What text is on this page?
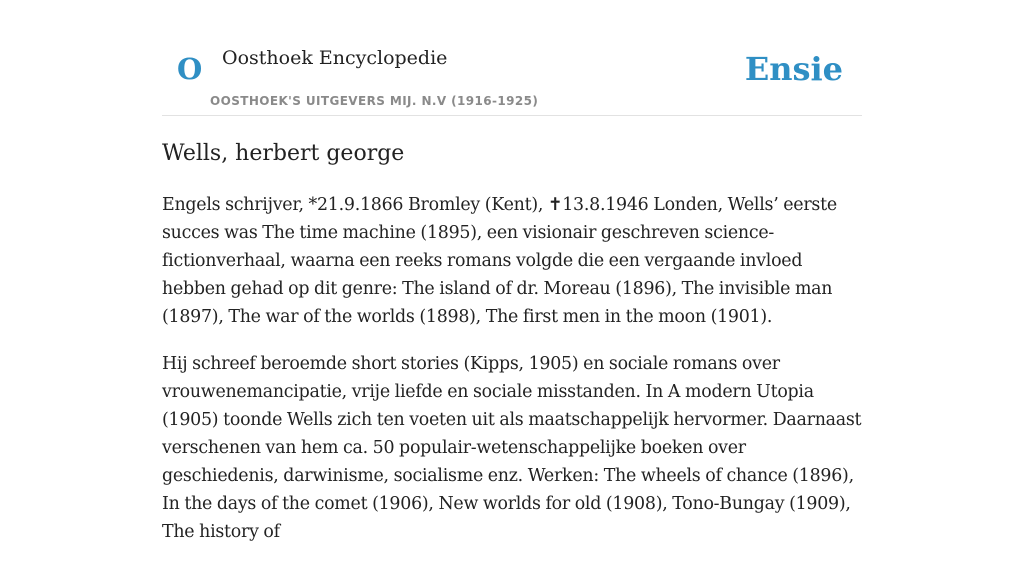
O Oosthoek Encyclopedie
OOSTHOEK'S UITGEVERS MIJ. N.V (1916-1925)
Ensie
Wells, herbert george

Engels schrijver, *21.9.1866 Bromley (Kent), ✝13.8.1946 Londen, Wells’ eerste succes was The time machine (1895), een visionair geschreven science-fictionverhaal, waarna een reeks romans volgde die een vergaande invloed hebben gehad op dit genre: The island of dr. Moreau (1896), The invisible man (1897), The war of the worlds (1898), The first men in the moon (1901).

Hij schreef beroemde short stories (Kipps, 1905) en sociale romans over vrouwenemancipatie, vrije liefde en sociale misstanden. In A modern Utopia (1905) toonde Wells zich ten voeten uit als maatschappelijk hervormer. Daarnaast verschenen van hem ca. 50 populair-wetenschappelijke boeken over geschiedenis, darwinisme, socialisme enz. Werken: The wheels of chance (1896), In the days of the comet (1906), New worlds for old (1908), Tono-Bungay (1909), The history of
